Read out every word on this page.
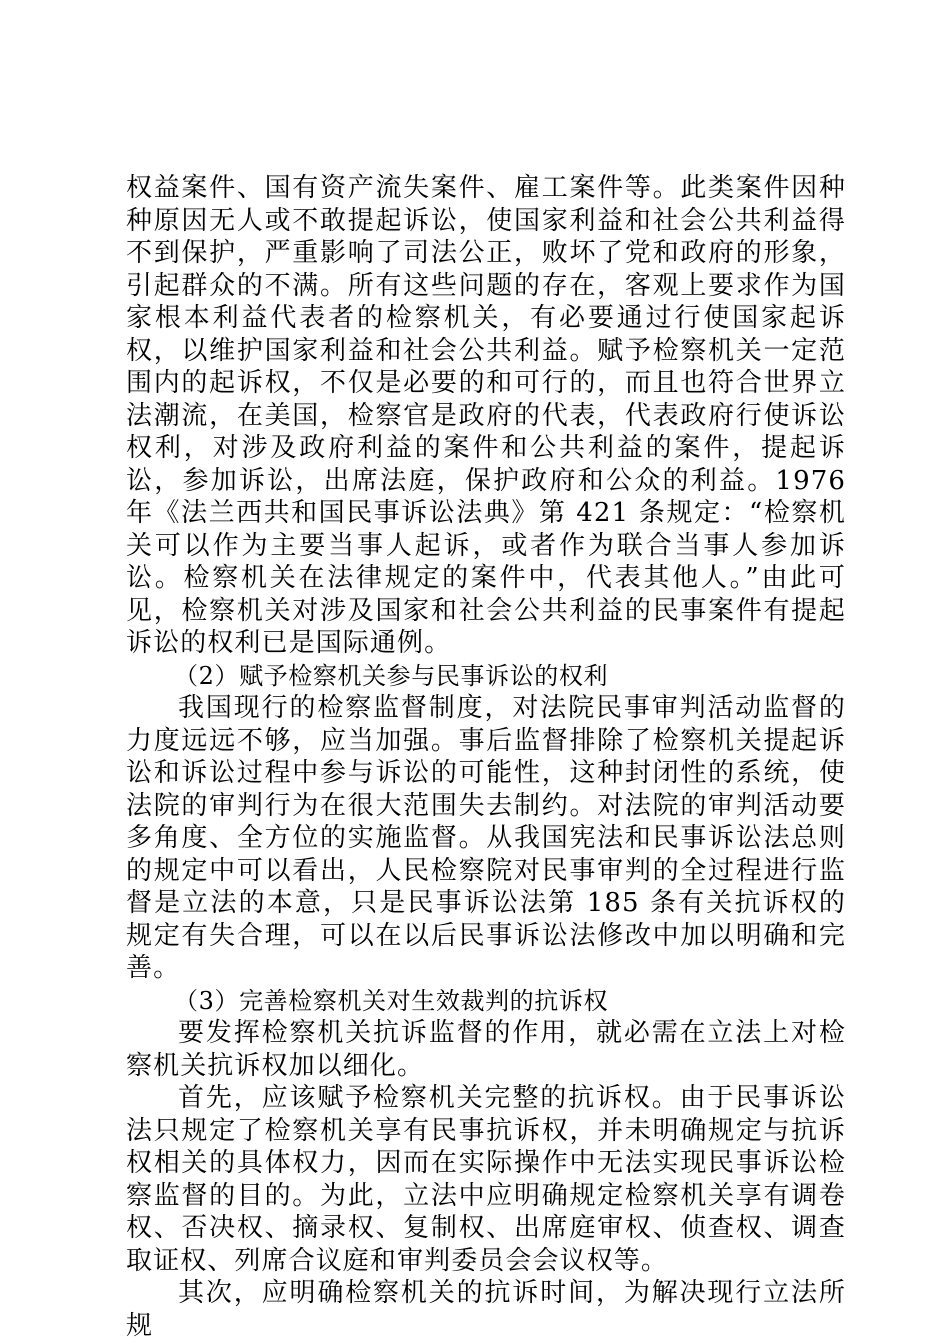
权益案件、国有资产流失案件、雇工案件等。此类案件因种种原因无人或不敢提起诉讼，使国家利益和社会公共利益得不到保护，严重影响了司法公正，败坏了党和政府的形象，引起群众的不满。所有这些问题的存在，客观上要求作为国家根本利益代表者的检察机关，有必要通过行使国家起诉权，以维护国家利益和社会公共利益。赋予检察机关一定范围内的起诉权，不仅是必要的和可行的，而且也符合世界立法潮流，在美国，检察官是政府的代表，代表政府行使诉讼权利，对涉及政府利益的案件和公共利益的案件，提起诉讼，参加诉讼，出席法庭，保护政府和公众的利益。1976 年《法兰西共和国民事诉讼法典》第 421 条规定：“检察机关可以作为主要当事人起诉，或者作为联合当事人参加诉讼。检察机关在法律规定的案件中，代表其他人。”由此可见，检察机关对涉及国家和社会公共利益的民事案件有提起诉讼的权利已是国际通例。

（2）赋予检察机关参与民事诉讼的权利

我国现行的检察监督制度，对法院民事审判活动监督的力度远远不够，应当加强。事后监督排除了检察机关提起诉讼和诉讼过程中参与诉讼的可能性，这种封闭性的系统，使法院的审判行为在很大范围失去制约。对法院的审判活动要多角度、全方位的实施监督。从我国宪法和民事诉讼法总则的规定中可以看出，人民检察院对民事审判的全过程进行监督是立法的本意，只是民事诉讼法第 185 条有关抗诉权的规定有失合理，可以在以后民事诉讼法修改中加以明确和完善。

（3）完善检察机关对生效裁判的抗诉权

要发挥检察机关抗诉监督的作用，就必需在立法上对检察机关抗诉权加以细化。

首先，应该赋予检察机关完整的抗诉权。由于民事诉讼法只规定了检察机关享有民事抗诉权，并未明确规定与抗诉权相关的具体权力，因而在实际操作中无法实现民事诉讼检察监督的目的。为此，立法中应明确规定检察机关享有调卷权、否决权、摘录权、复制权、出席庭审权、侦查权、调查取证权、列席合议庭和审判委员会会议权等。

其次，应明确检察机关的抗诉时间，为解决现行立法所规
